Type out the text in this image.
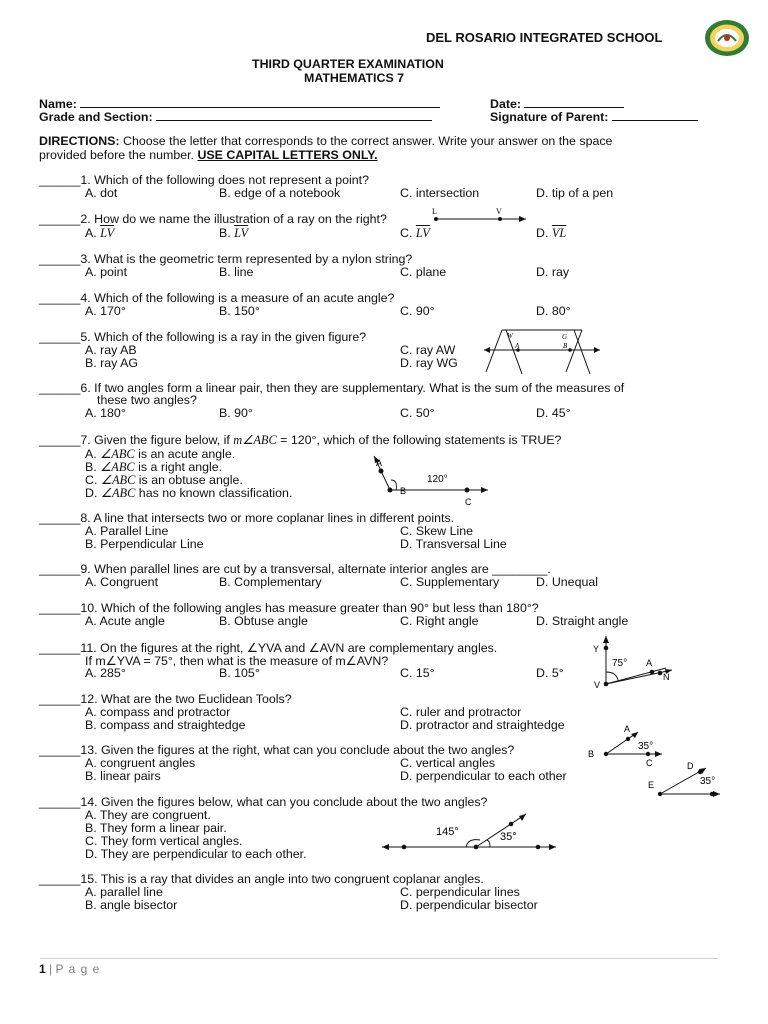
DEL ROSARIO INTEGRATED SCHOOL
THIRD QUARTER EXAMINATION
MATHEMATICS 7
Name:	Date:
Grade and Section:	Signature of Parent:
DIRECTIONS: Choose the letter that corresponds to the correct answer. Write your answer on the space
provided before the number. USE CAPITAL LETTERS ONLY.
______1. Which of the following does not represent a point?
A. dot	B. edge of a notebook	C. intersection	D. tip of a pen
______2. How do we name the illustration of a ray on the right?
A. $\overline{LV}$	B. $\overline{LV}$	C. $\overline{LV}$	D. $\overline{VL}$
L	V
______3. What is the geometric term represented by a nylon string?
A. point	B. line	C. plane	D. ray
______4. Which of the following is a measure of an acute angle?
A. 170°	B. 150°	C. 90°	D. 80°
______5. Which of the following is a ray in the given figure?
A. ray AB	C. ray AW
B. ray AG	D. ray WG
W	G
A	B
______6. If two angles form a linear pair, then they are supplementary. What is the sum of the measures of
these two angles?
A. 180°	B. 90°	C. 50°	D. 45°
______7. Given the figure below, if m∠ABC = 120°, which of the following statements is TRUE?
A. ∠ABC is an acute angle.
B. ∠ABC is a right angle.
C. ∠ABC is an obtuse angle.
D. ∠ABC has no known classification.
A
B
C
120°
______8. A line that intersects two or more coplanar lines in different points.
A. Parallel Line	C. Skew Line
B. Perpendicular Line	D. Transversal Line
______9. When parallel lines are cut by a transversal, alternate interior angles are ________.
A. Congruent	B. Complementary	C. Supplementary	D. Unequal
______10. Which of the following angles has measure greater than 90° but less than 180°?
A. Acute angle	B. Obtuse angle	C. Right angle	D. Straight angle
______11. On the figures at the right, ∠YVA and ∠AVN are complementary angles.
If m∠YVA = 75°, then what is the measure of m∠AVN?
A. 285°	B. 105°	C. 15°	D. 5°
Y
V
A
N
75°
______12. What are the two Euclidean Tools?
A. compass and protractor	C. ruler and protractor
B. compass and straightedge	D. protractor and straightedge
______13. Given the figures at the right, what can you conclude about the two angles?
A. congruent angles	C. vertical angles
B. linear pairs	D. perpendicular to each other
A
B
C
35°
E
D
35°
______14. Given the figures below, what can you conclude about the two angles?
A. They are congruent.
B. They form a linear pair.
C. They form vertical angles.
D. They are perpendicular to each other.
145°	35°
______15. This is a ray that divides an angle into two congruent coplanar angles.
A. parallel line	C. perpendicular lines
B. angle bisector	D. perpendicular bisector
1 | P a g e
